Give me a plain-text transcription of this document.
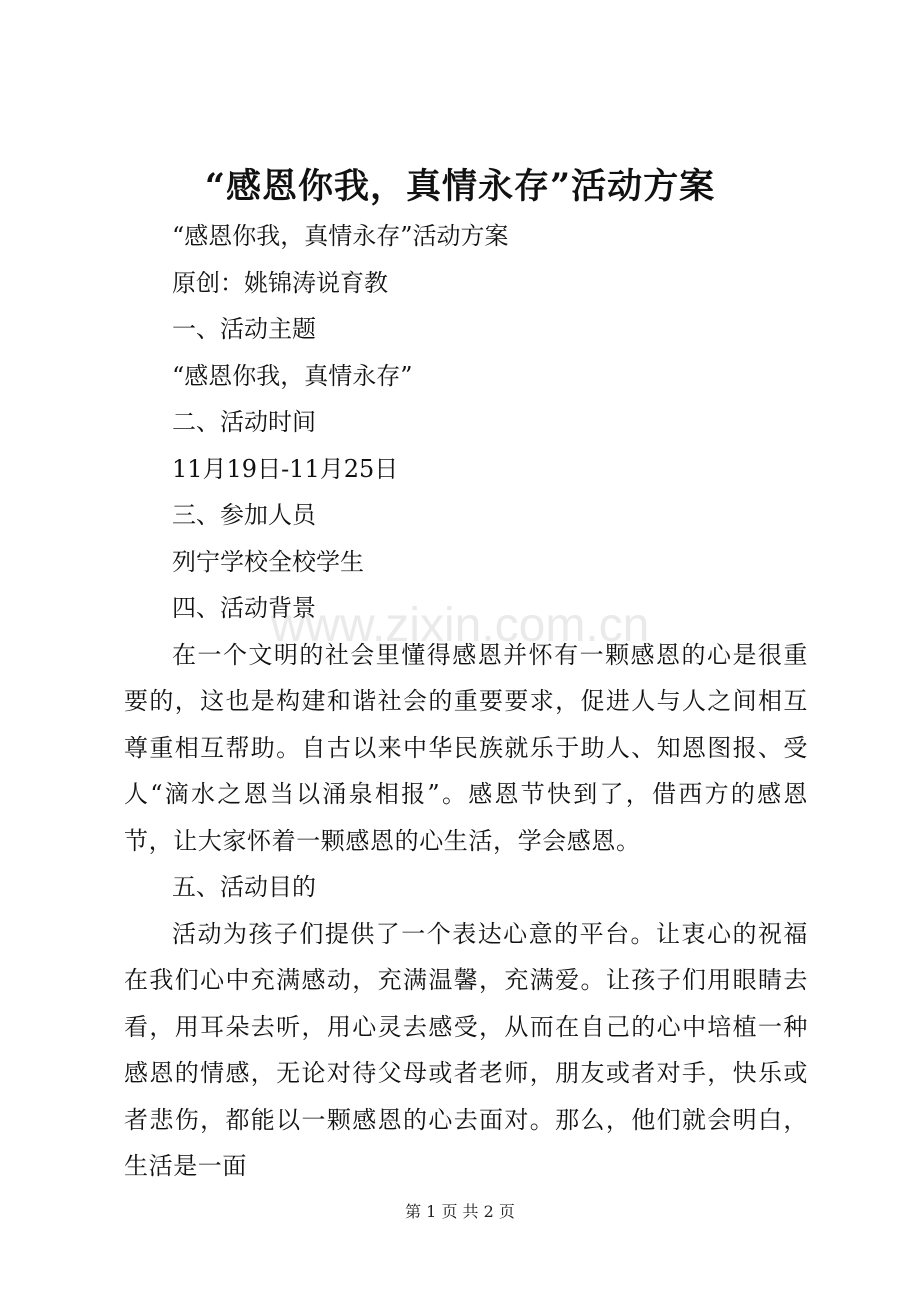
“感恩你我，真情永存”活动方案
“感恩你我，真情永存”活动方案
原创：姚锦涛说育教
一、活动主题
“感恩你我，真情永存”
二、活动时间
11月19日-11月25日
三、参加人员
列宁学校全校学生
四、活动背景
在一个文明的社会里懂得感恩并怀有一颗感恩的心是很重要的，这也是构建和谐社会的重要要求，促进人与人之间相互尊重相互帮助。自古以来中华民族就乐于助人、知恩图报、受人“滴水之恩当以涌泉相报”。感恩节快到了，借西方的感恩节，让大家怀着一颗感恩的心生活，学会感恩。
五、活动目的
活动为孩子们提供了一个表达心意的平台。让衷心的祝福在我们心中充满感动，充满温馨，充满爱。让孩子们用眼睛去看，用耳朵去听，用心灵去感受，从而在自己的心中培植一种感恩的情感，无论对待父母或者老师，朋友或者对手，快乐或者悲伤，都能以一颗感恩的心去面对。那么，他们就会明白，生活是一面
www.zixin.com.cn
第 1 页 共 2 页
